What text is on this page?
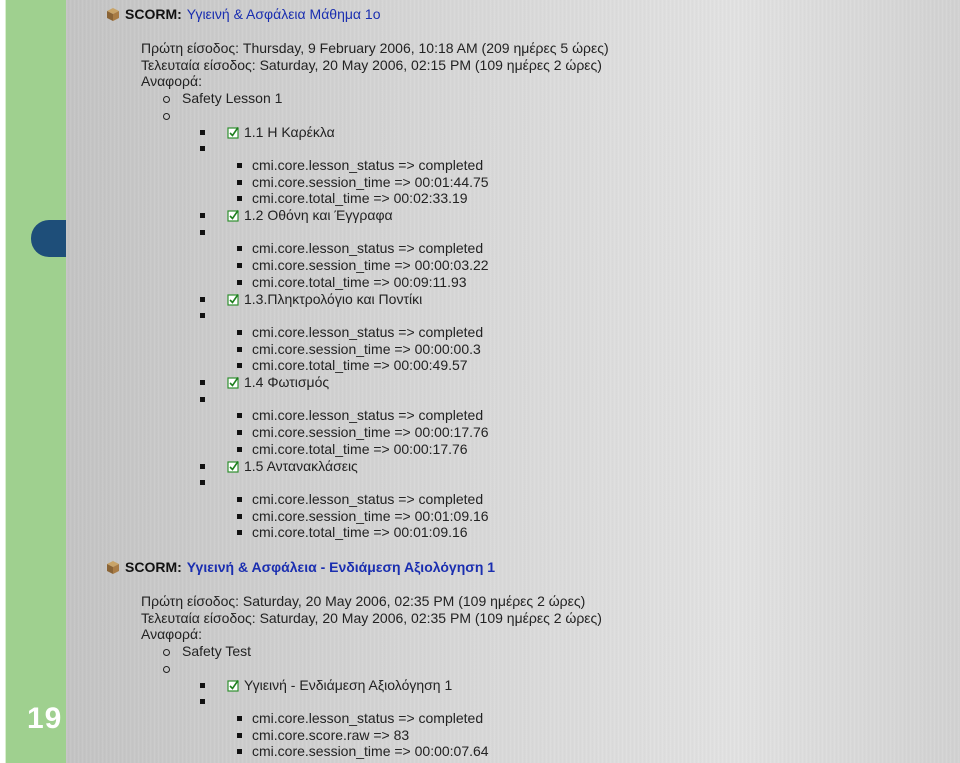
19
SCORM: Υγιεινή & Ασφάλεια Μάθημα 1ο
Πρώτη είσοδος: Thursday, 9 February 2006, 10:18 AM (209 ημέρες 5 ώρες)
Τελευταία είσοδος: Saturday, 20 May 2006, 02:15 PM (109 ημέρες 2 ώρες)
Αναφορά:
Safety Lesson 1
1.1 Η Καρέκλα
cmi.core.lesson_status => completed
cmi.core.session_time => 00:01:44.75
cmi.core.total_time => 00:02:33.19
1.2 Οθόνη και Έγγραφα
cmi.core.lesson_status => completed
cmi.core.session_time => 00:00:03.22
cmi.core.total_time => 00:09:11.93
1.3.Πληκτρολόγιο και Ποντίκι
cmi.core.lesson_status => completed
cmi.core.session_time => 00:00:00.3
cmi.core.total_time => 00:00:49.57
1.4 Φωτισμός
cmi.core.lesson_status => completed
cmi.core.session_time => 00:00:17.76
cmi.core.total_time => 00:00:17.76
1.5 Αντανακλάσεις
cmi.core.lesson_status => completed
cmi.core.session_time => 00:01:09.16
cmi.core.total_time => 00:01:09.16
SCORM: Υγιεινή & Ασφάλεια - Ενδιάμεση Αξιολόγηση 1
Πρώτη είσοδος: Saturday, 20 May 2006, 02:35 PM (109 ημέρες 2 ώρες)
Τελευταία είσοδος: Saturday, 20 May 2006, 02:35 PM (109 ημέρες 2 ώρες)
Αναφορά:
Safety Test
Υγιεινή - Ενδιάμεση Αξιολόγηση 1
cmi.core.lesson_status => completed
cmi.core.score.raw => 83
cmi.core.session_time => 00:00:07.64
